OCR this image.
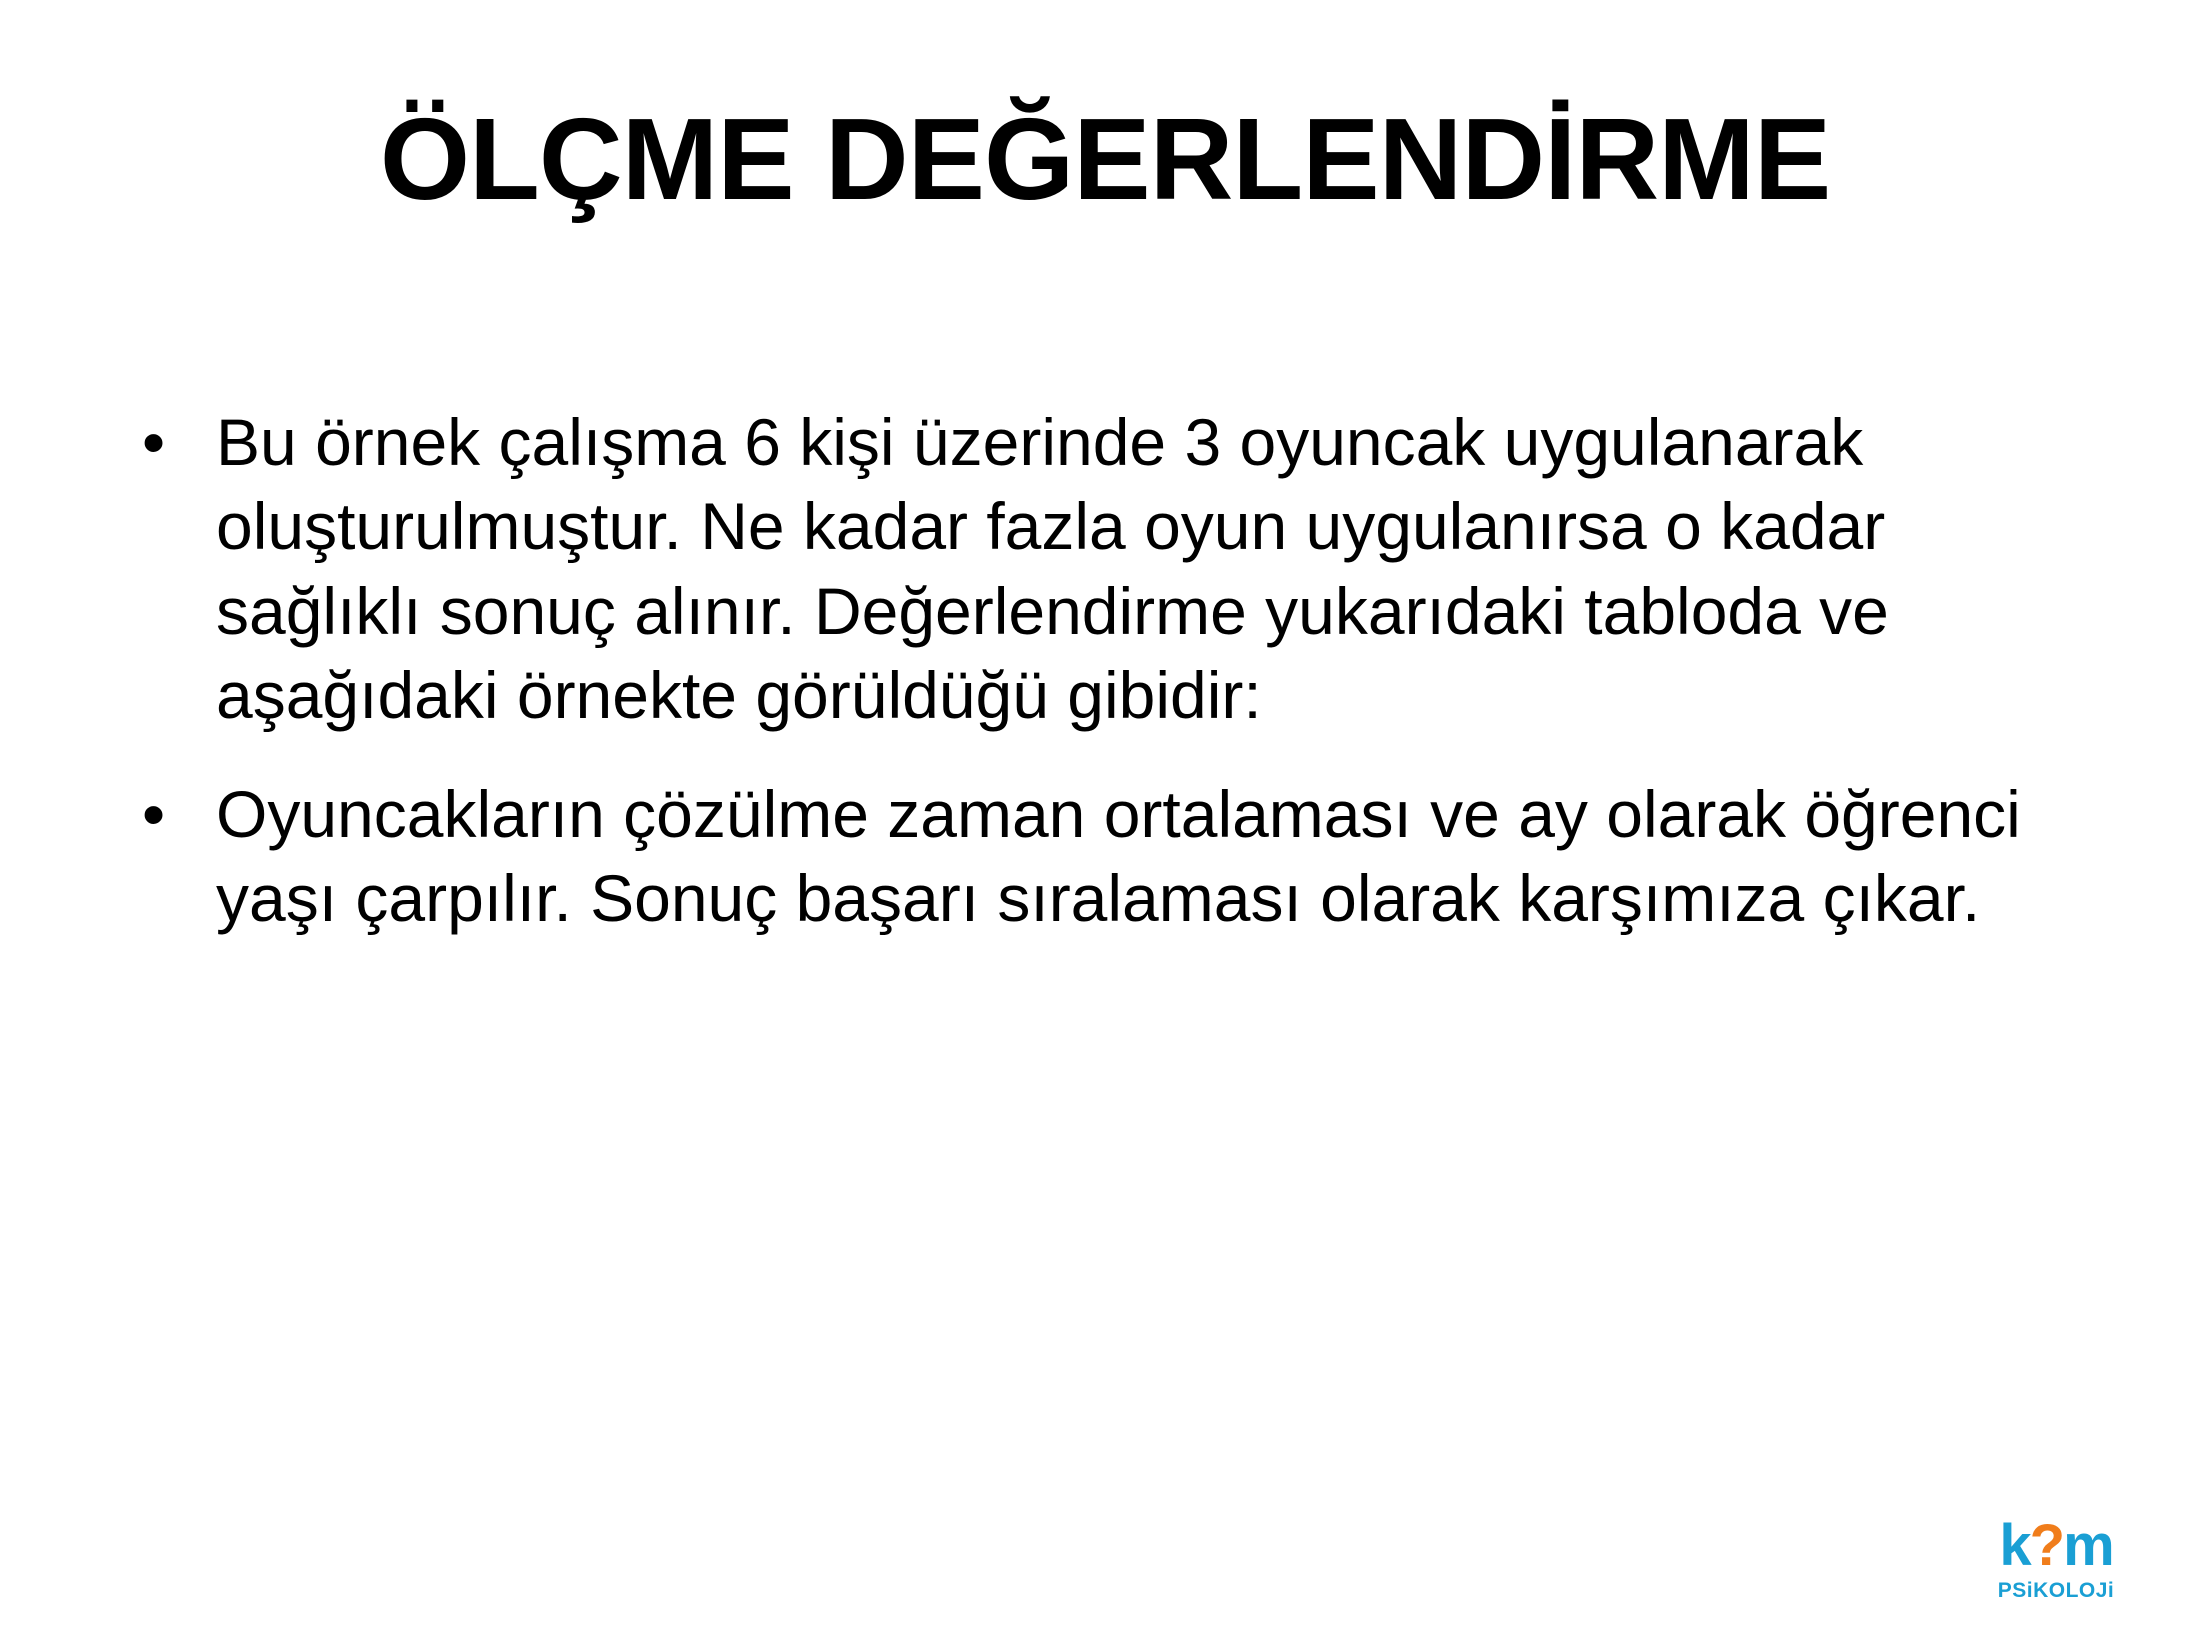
ÖLÇME DEĞERLENDİRME
• Bu örnek çalışma 6 kişi üzerinde 3 oyuncak uygulanarak oluşturulmuştur. Ne kadar fazla oyun uygulanırsa o kadar sağlıklı sonuç alınır. Değerlendirme yukarıdaki tabloda ve aşağıdaki örnekte görüldüğü gibidir:
• Oyuncakların çözülme zaman ortalaması ve ay olarak öğrenci yaşı çarpılır. Sonuç başarı sıralaması olarak karşımıza çıkar.
k?m
PSiKOLOJi
